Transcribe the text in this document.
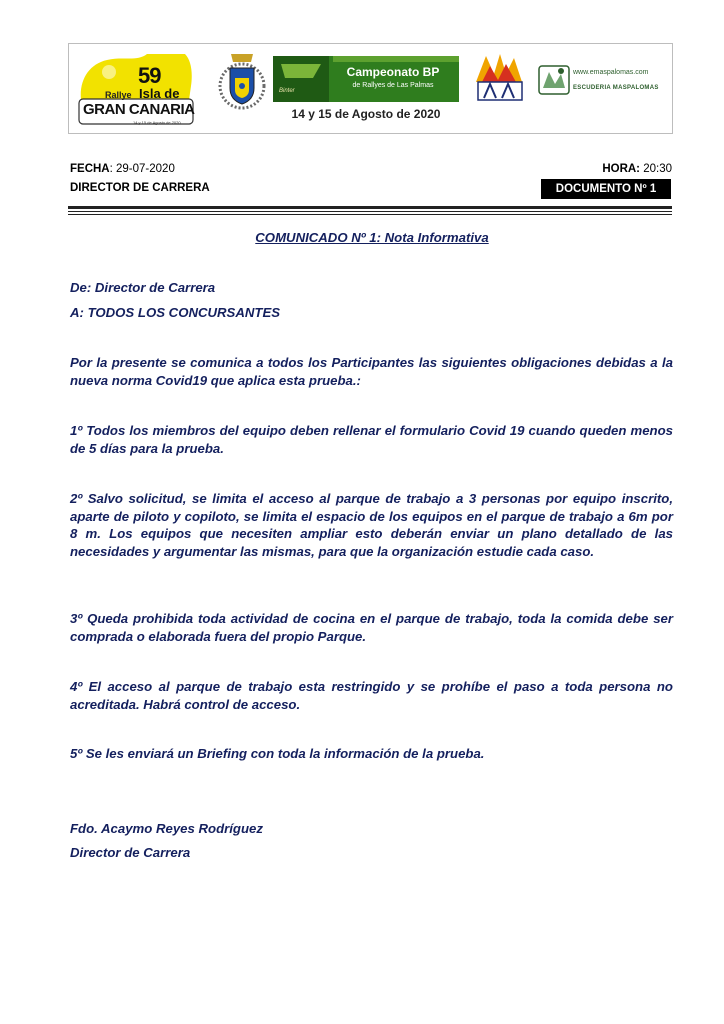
59
Rallye Isla de
GRAN CANARIA
14 y 15 de Agosto de 2020
Campeonato BP
de Rallyes de Las Palmas
Binter
14 y 15 de Agosto de 2020
www.emaspalomas.com
ESCUDERIA MASPALOMAS
FECHA: 29-07-2020	HORA: 20:30
DIRECTOR DE CARRERA	DOCUMENTO Nº 1
COMUNICADO Nº 1: Nota Informativa
De: Director de Carrera
A: TODOS LOS CONCURSANTES

Por la presente se comunica a todos los Participantes las siguientes obligaciones debidas a la nueva norma Covid19 que aplica esta prueba.:

1º Todos los miembros del equipo deben rellenar el formulario Covid 19 cuando queden menos de 5 días para la prueba.

2º Salvo solicitud, se limita el acceso al parque de trabajo a 3 personas por equipo inscrito, aparte de piloto y copiloto, se limita el espacio de los equipos en el parque de trabajo a 6m por 8 m. Los equipos que necesiten ampliar esto deberán enviar un plano detallado de las necesidades y argumentar las mismas, para que la organización estudie cada caso.

3º Queda prohibida toda actividad de cocina en el parque de trabajo, toda la comida debe ser comprada o elaborada fuera del propio Parque.

4º El acceso al parque de trabajo esta restringido y se prohíbe el paso a toda persona no acreditada. Habrá control de acceso.

5º Se les enviará un Briefing con toda la información de la prueba.

Fdo. Acaymo Reyes Rodríguez
Director de Carrera
